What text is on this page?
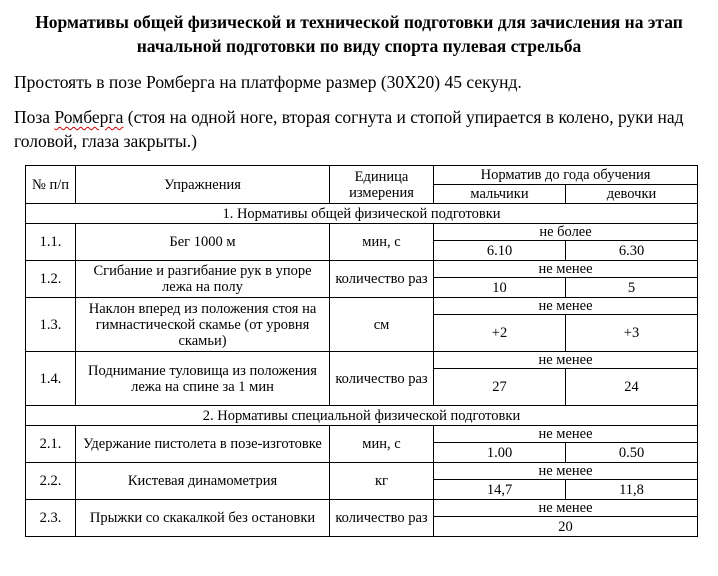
Нормативы общей физической и технической подготовки для зачисления на этап начальной подготовки по виду спорта пулевая стрельба
Простоять в позе Ромберга на платформе размер (30Х20) 45 секунд.
Поза Ромберга (стоя на одной ноге, вторая согнута и стопой упирается в колено, руки над головой, глаза закрыты.)
№ п/п	Упражнения	Единица измерения	Норматив до года обучения	
			мальчики	девочки
1. Нормативы общей физической подготовки				
1.1.	Бег 1000 м	мин, с	не более	
			6.10	6.30
1.2.	Сгибание и разгибание рук в упоре лежа на полу	количество раз	не менее	
			10	5
1.3.	Наклон вперед из положения стоя на гимнастической скамье (от уровня скамьи)	см	не менее	
			+2	+3
1.4.	Поднимание туловища из положения лежа на спине за 1 мин	количество раз	не менее	
			27	24
2. Нормативы специальной физической подготовки				
2.1.	Удержание пистолета в позе-изготовке	мин, с	не менее	
			1.00	0.50
2.2.	Кистевая динамометрия	кг	не менее	
			14,7	11,8
2.3.	Прыжки со скакалкой без остановки	количество раз	не менее	
			20	
